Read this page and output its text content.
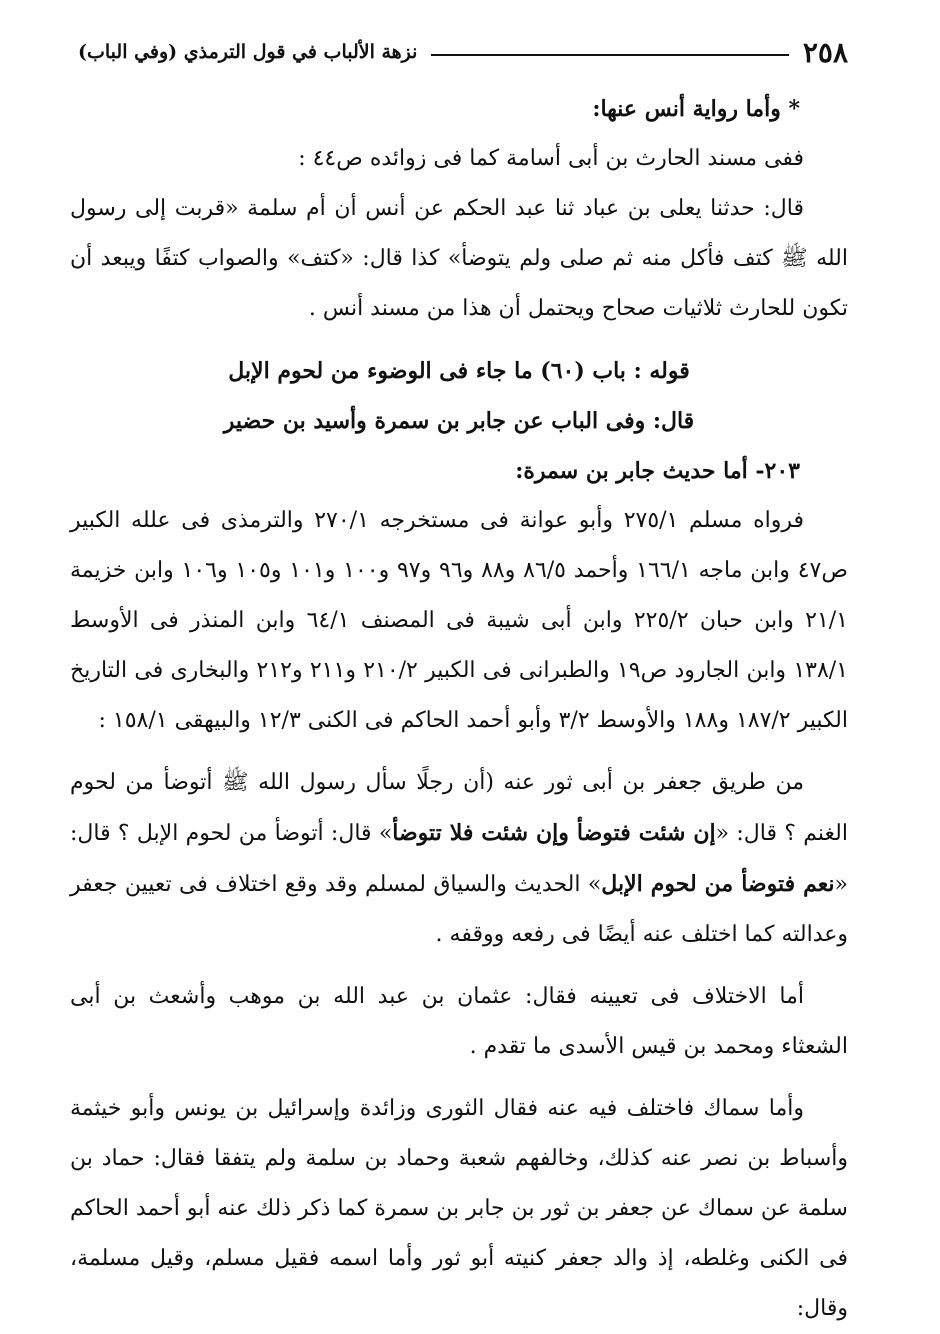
٢٥٨
نزهة الألباب في قول الترمذي (وفي الباب)

* وأما رواية أنس عنها:

ففى مسند الحارث بن أبى أسامة كما فى زوائده ص٤٤ :

قال: حدثنا يعلى بن عباد ثنا عبد الحكم عن أنس أن أم سلمة «قربت إلى رسول الله ﷺ كتف فأكل منه ثم صلى ولم يتوضأ» كذا قال: «كتف» والصواب كتفًا ويبعد أن تكون للحارث ثلاثيات صحاح ويحتمل أن هذا من مسند أنس .

قوله : باب (٦٠) ما جاء فى الوضوء من لحوم الإبل

قال: وفى الباب عن جابر بن سمرة وأسيد بن حضير

٢٠٣- أما حديث جابر بن سمرة:

فرواه مسلم ٢٧٥/١ وأبو عوانة فى مستخرجه ٢٧٠/١ والترمذى فى علله الكبير ص٤٧ وابن ماجه ١٦٦/١ وأحمد ٨٦/٥ و٨٨ و٩٦ و٩٧ و١٠٠ و١٠١ و١٠٥ و١٠٦ وابن خزيمة ٢١/١ وابن حبان ٢٢٥/٢ وابن أبى شيبة فى المصنف ٦٤/١ وابن المنذر فى الأوسط ١٣٨/١ وابن الجارود ص١٩ والطبرانى فى الكبير ٢١٠/٢ و٢١١ و٢١٢ والبخارى فى التاريخ الكبير ١٨٧/٢ و١٨٨ والأوسط ٣/٢ وأبو أحمد الحاكم فى الكنى ١٢/٣ والبيهقى ١٥٨/١ :

من طريق جعفر بن أبى ثور عنه (أن رجلًا سأل رسول الله ﷺ أتوضأ من لحوم الغنم ؟ قال: «إن شئت فتوضأ وإن شئت فلا تتوضأ» قال: أتوضأ من لحوم الإبل ؟ قال: «نعم فتوضأ من لحوم الإبل» الحديث والسياق لمسلم وقد وقع اختلاف فى تعيين جعفر وعدالته كما اختلف عنه أيضًا فى رفعه ووقفه .

أما الاختلاف فى تعيينه فقال: عثمان بن عبد الله بن موهب وأشعث بن أبى الشعثاء ومحمد بن قيس الأسدى ما تقدم .

وأما سماك فاختلف فيه عنه فقال الثورى وزائدة وإسرائيل بن يونس وأبو خيثمة وأسباط بن نصر عنه كذلك، وخالفهم شعبة وحماد بن سلمة ولم يتفقا فقال: حماد بن سلمة عن سماك عن جعفر بن ثور بن جابر بن سمرة كما ذكر ذلك عنه أبو أحمد الحاكم فى الكنى وغلطه، إذ والد جعفر كنيته أبو ثور وأما اسمه فقيل مسلم، وقيل مسلمة، وقال:
